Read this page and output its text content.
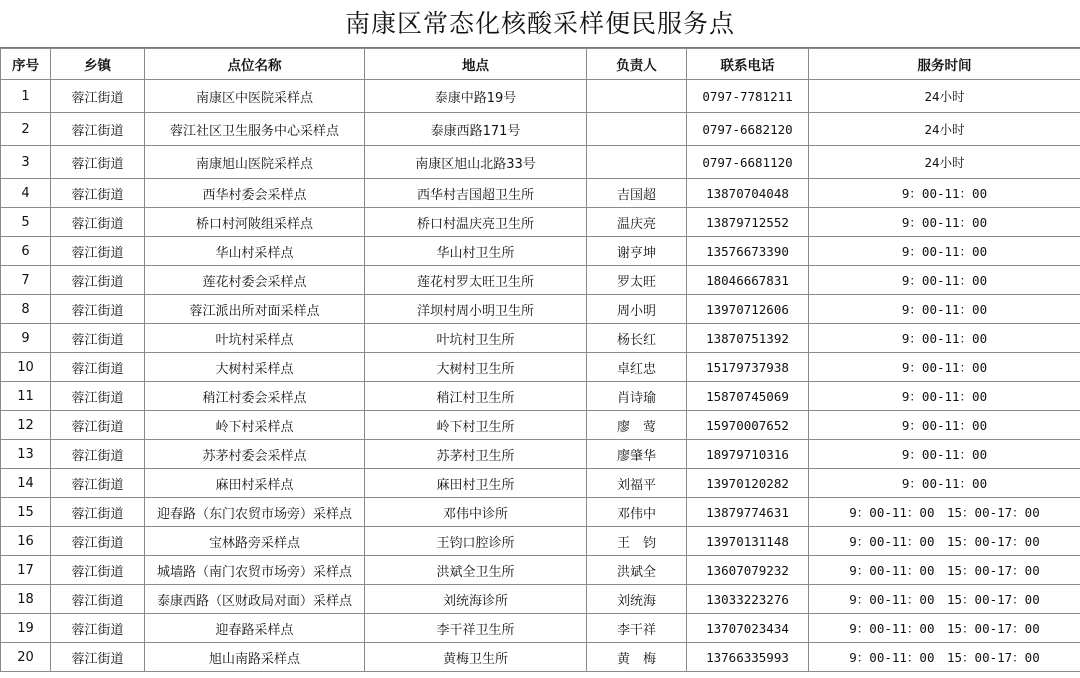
南康区常态化核酸采样便民服务点
序号	乡镇	点位名称	地点	负责人	联系电话	服务时间
1	蓉江街道	南康区中医院采样点	泰康中路19号		0797-7781211	24小时
2	蓉江街道	蓉江社区卫生服务中心采样点	泰康西路171号		0797-6682120	24小时
3	蓉江街道	南康旭山医院采样点	南康区旭山北路33号		0797-6681120	24小时
4	蓉江街道	西华村委会采样点	西华村吉国超卫生所	吉国超	13870704048	9：00-11：00
5	蓉江街道	桥口村河陂组采样点	桥口村温庆亮卫生所	温庆亮	13879712552	9：00-11：00
6	蓉江街道	华山村采样点	华山村卫生所	谢亨坤	13576673390	9：00-11：00
7	蓉江街道	莲花村委会采样点	莲花村罗太旺卫生所	罗太旺	18046667831	9：00-11：00
8	蓉江街道	蓉江派出所对面采样点	洋坝村周小明卫生所	周小明	13970712606	9：00-11：00
9	蓉江街道	叶坑村采样点	叶坑村卫生所	杨长红	13870751392	9：00-11：00
10	蓉江街道	大树村采样点	大树村卫生所	卓红忠	15179737938	9：00-11：00
11	蓉江街道	稍江村委会采样点	稍江村卫生所	肖诗瑜	15870745069	9：00-11：00
12	蓉江街道	岭下村采样点	岭下村卫生所	廖　莺	15970007652	9：00-11：00
13	蓉江街道	苏茅村委会采样点	苏茅村卫生所	廖肇华	18979710316	9：00-11：00
14	蓉江街道	麻田村采样点	麻田村卫生所	刘福平	13970120282	9：00-11：00
15	蓉江街道	迎春路（东门农贸市场旁）采样点	邓伟中诊所	邓伟中	13879774631	9：00-11：00　15：00-17：00
16	蓉江街道	宝林路旁采样点	王钧口腔诊所	王　钧	13970131148	9：00-11：00　15：00-17：00
17	蓉江街道	城墙路（南门农贸市场旁）采样点	洪斌全卫生所	洪斌全	13607079232	9：00-11：00　15：00-17：00
18	蓉江街道	泰康西路（区财政局对面）采样点	刘统海诊所	刘统海	13033223276	9：00-11：00　15：00-17：00
19	蓉江街道	迎春路采样点	李干祥卫生所	李干祥	13707023434	9：00-11：00　15：00-17：00
20	蓉江街道	旭山南路采样点	黄梅卫生所	黄　梅	13766335993	9：00-11：00　15：00-17：00
